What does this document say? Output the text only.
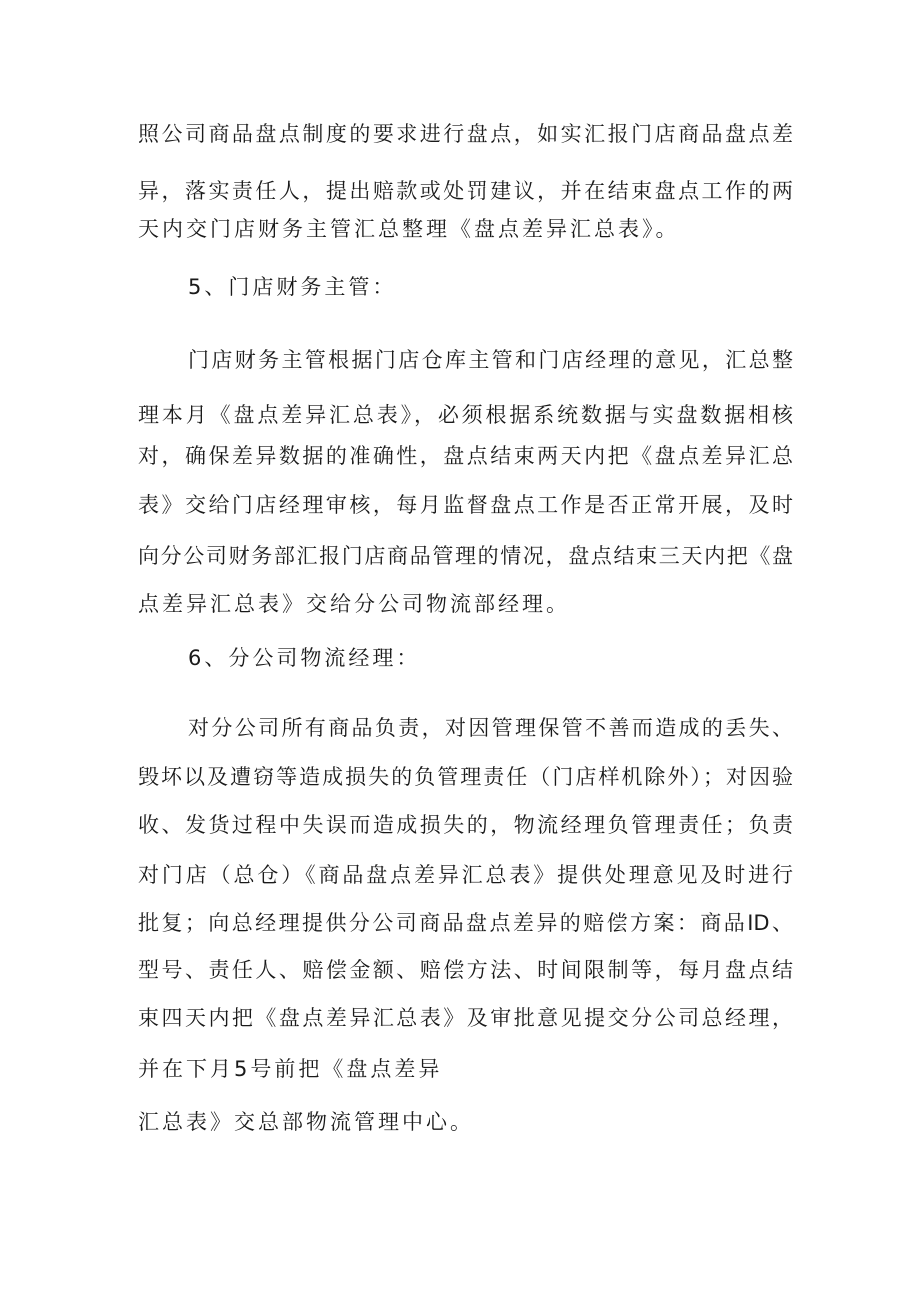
照公司商品盘点制度的要求进行盘点，如实汇报门店商品盘点差
异，落实责任人，提出赔款或处罚建议，并在结束盘点工作的两
天内交门店财务主管汇总整理《盘点差异汇总表》。
5、门店财务主管：
门店财务主管根据门店仓库主管和门店经理的意见，汇总整
理本月《盘点差异汇总表》，必须根据系统数据与实盘数据相核
对，确保差异数据的准确性，盘点结束两天内把《盘点差异汇总
表》交给门店经理审核，每月监督盘点工作是否正常开展，及时
向分公司财务部汇报门店商品管理的情况，盘点结束三天内把《盘
点差异汇总表》交给分公司物流部经理。
6、分公司物流经理：
对分公司所有商品负责，对因管理保管不善而造成的丢失、
毁坏以及遭窃等造成损失的负管理责任（门店样机除外）；对因验
收、发货过程中失误而造成损失的，物流经理负管理责任；负责
对门店（总仓）《商品盘点差异汇总表》提供处理意见及时进行
批复；向总经理提供分公司商品盘点差异的赔偿方案：商品ID、
型号、责任人、赔偿金额、赔偿方法、时间限制等，每月盘点结
束四天内把《盘点差异汇总表》及审批意见提交分公司总经理，
并在下月5号前把《盘点差异
汇总表》交总部物流管理中心。
